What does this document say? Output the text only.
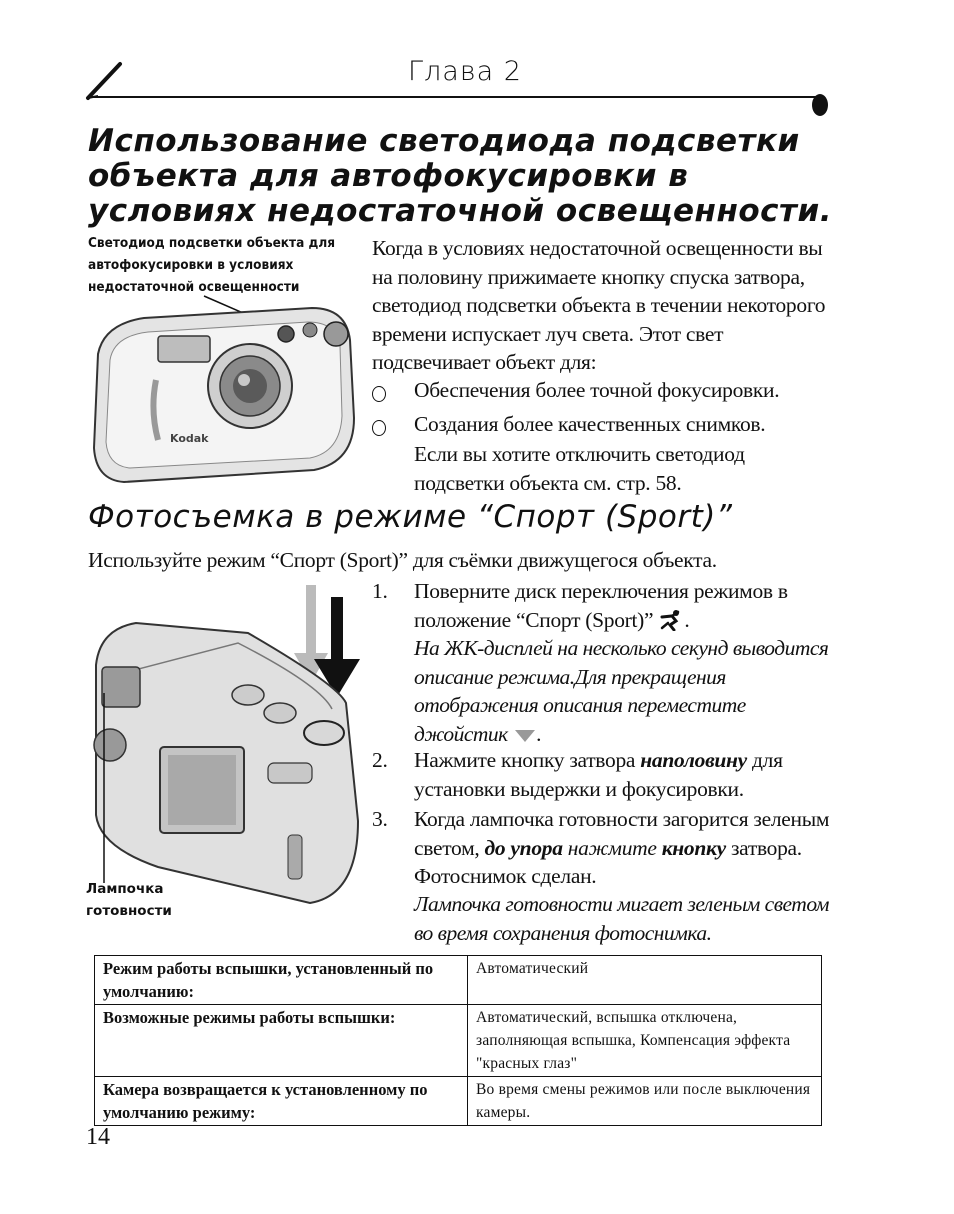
Глава 2
Использование светодиода подсветки объекта для автофокусировки в условиях недостаточной освещенности.
Светодиод подсветки объекта для автофокусировки в условиях недостаточной освещенности
Kodak
Когда в условиях недостаточной освещенности вы на половину прижимаете кнопку спуска затвора, светодиод подсветки объекта в течении некоторого времени испускает луч света. Этот свет подсвечивает объект для:
Обеспечения более точной фокусировки.
Создания более качественных снимков.
Если вы хотите отключить светодиод подсветки объекта см. стр. 58.
Фотосъемка в режиме “Спорт (Sport)”
Используйте режим “Спорт (Sport)” для съёмки движущегося объекта.
1. Поверните диск переключения режимов в положение “Спорт (Sport)” .
На ЖК-дисплей на несколько секунд выводится описание режима.Для прекращения отображения описания переместите джойстик .
2. Нажмите кнопку затвора наполовину для установки выдержки и фокусировки.
3. Когда лампочка готовности загорится зеленым светом, до упора нажмите кнопку затвора. Фотоснимок сделан.
Лампочка готовности мигает зеленым светом во время сохранения фотоснимка.
Лампочка готовности
Режим работы вспышки, установленный по умолчанию:	Автоматический
Возможные режимы работы вспышки:	Автоматический, вспышка отключена, заполняющая вспышка, Компенсация эффекта "красных глаз"
Камера возвращается к установленному по умолчанию режиму:	Во время смены режимов или после выключения камеры.
14
